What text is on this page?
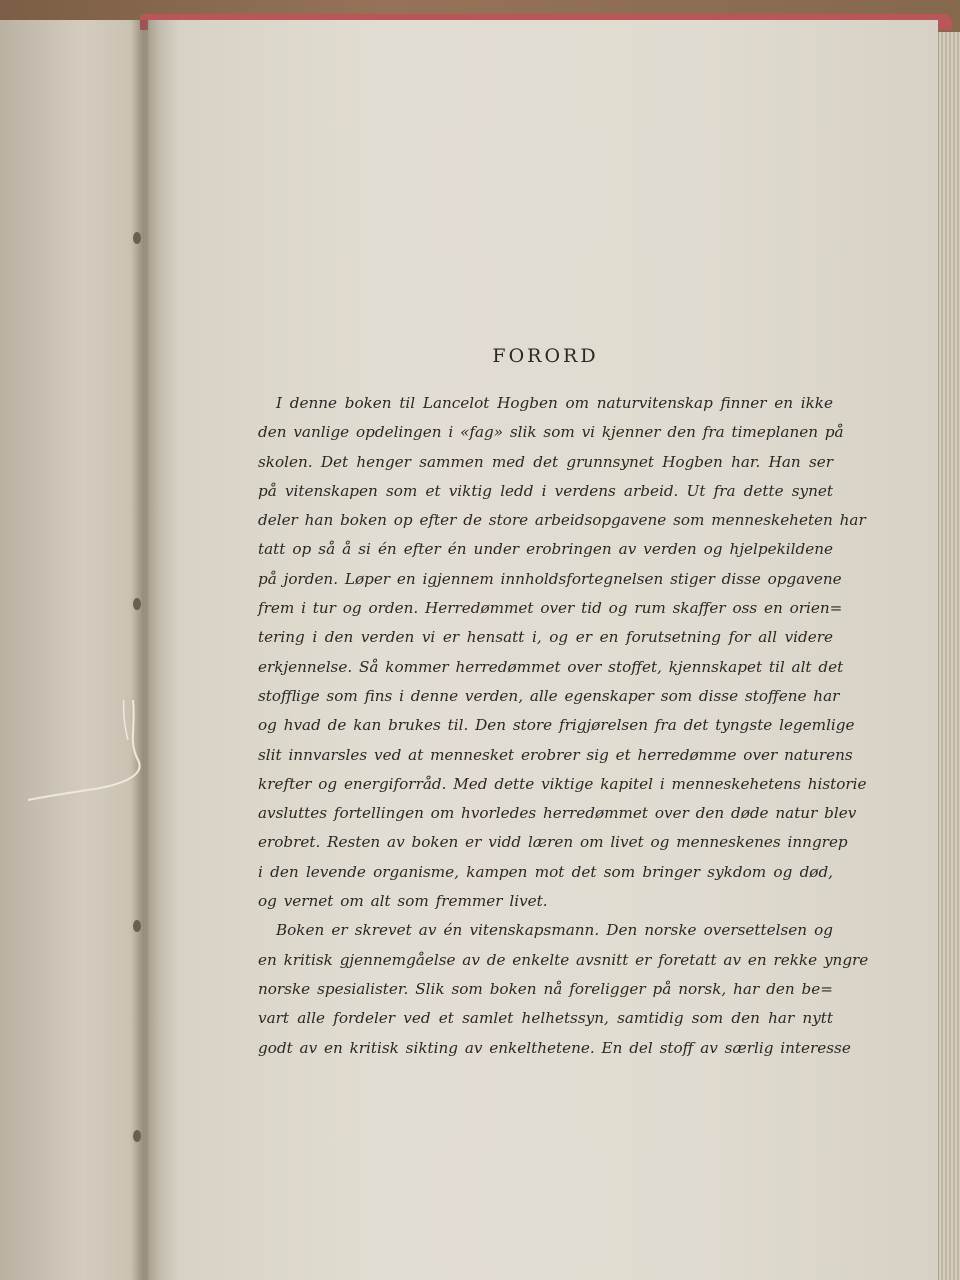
FORORD
I denne boken til Lancelot Hogben om naturvitenskap finner en ikke
den vanlige opdelingen i «fag» slik som vi kjenner den fra timeplanen på
skolen. Det henger sammen med det grunnsynet Hogben har. Han ser
på vitenskapen som et viktig ledd i verdens arbeid. Ut fra dette synet
deler han boken op efter de store arbeidsopgavene som menneskeheten har
tatt op så å si én efter én under erobringen av verden og hjelpekildene
på jorden. Løper en igjennem innholdsfortegnelsen stiger disse opgavene
frem i tur og orden. Herredømmet over tid og rum skaffer oss en orien=
tering i den verden vi er hensatt i, og er en forutsetning for all videre
erkjennelse. Så kommer herredømmet over stoffet, kjennskapet til alt det
stofflige som fins i denne verden, alle egenskaper som disse stoffene har
og hvad de kan brukes til. Den store frigjørelsen fra det tyngste legemlige
slit innvarsles ved at mennesket erobrer sig et herredømme over naturens
krefter og energiforråd. Med dette viktige kapitel i menneskehetens historie
avsluttes fortellingen om hvorledes herredømmet over den døde natur blev
erobret. Resten av boken er vidd læren om livet og menneskenes inngrep
i den levende organisme, kampen mot det som bringer sykdom og død,
og vernet om alt som fremmer livet.
Boken er skrevet av én vitenskapsmann. Den norske oversettelsen og
en kritisk gjennemgåelse av de enkelte avsnitt er foretatt av en rekke yngre
norske spesialister. Slik som boken nå foreligger på norsk, har den be=
vart alle fordeler ved et samlet helhetssyn, samtidig som den har nytt
godt av en kritisk sikting av enkelthetene. En del stoff av særlig interesse
